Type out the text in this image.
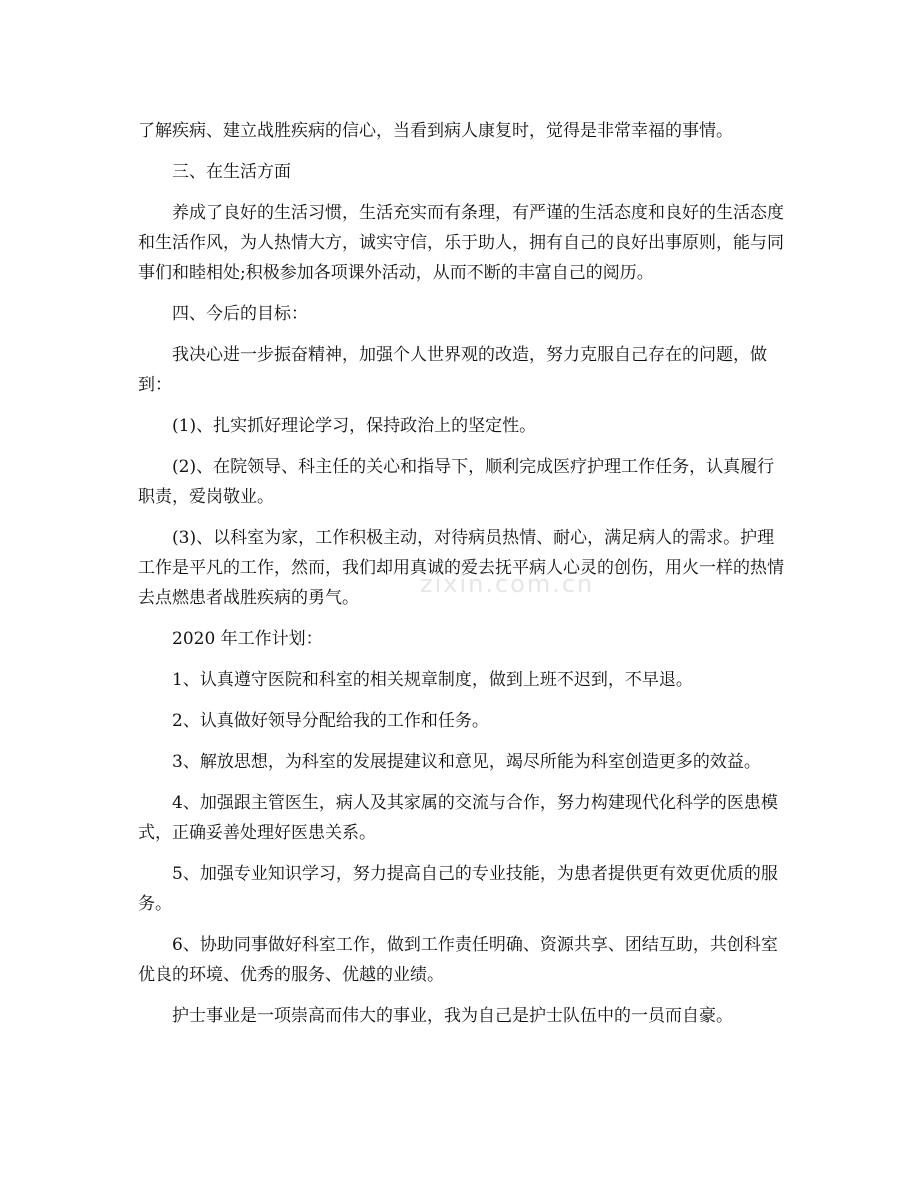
zixin.com.cn

了解疾病、建立战胜疾病的信心，当看到病人康复时，觉得是非常幸福的事情。

三、在生活方面

养成了良好的生活习惯，生活充实而有条理，有严谨的生活态度和良好的生活态度和生活作风，为人热情大方，诚实守信，乐于助人，拥有自己的良好出事原则，能与同事们和睦相处;积极参加各项课外活动，从而不断的丰富自己的阅历。

四、今后的目标：

我决心进一步振奋精神，加强个人世界观的改造，努力克服自己存在的问题，做到：

(1)、扎实抓好理论学习，保持政治上的坚定性。

(2)、在院领导、科主任的关心和指导下，顺利完成医疗护理工作任务，认真履行职责，爱岗敬业。

(3)、以科室为家，工作积极主动，对待病员热情、耐心，满足病人的需求。护理工作是平凡的工作，然而，我们却用真诚的爱去抚平病人心灵的创伤，用火一样的热情去点燃患者战胜疾病的勇气。

2020 年工作计划：

1、认真遵守医院和科室的相关规章制度，做到上班不迟到，不早退。

2、认真做好领导分配给我的工作和任务。

3、解放思想，为科室的发展提建议和意见，竭尽所能为科室创造更多的效益。

4、加强跟主管医生，病人及其家属的交流与合作，努力构建现代化科学的医患模式，正确妥善处理好医患关系。

5、加强专业知识学习，努力提高自己的专业技能，为患者提供更有效更优质的服务。

6、协助同事做好科室工作，做到工作责任明确、资源共享、团结互助，共创科室优良的环境、优秀的服务、优越的业绩。

护士事业是一项崇高而伟大的事业，我为自己是护士队伍中的一员而自豪。
